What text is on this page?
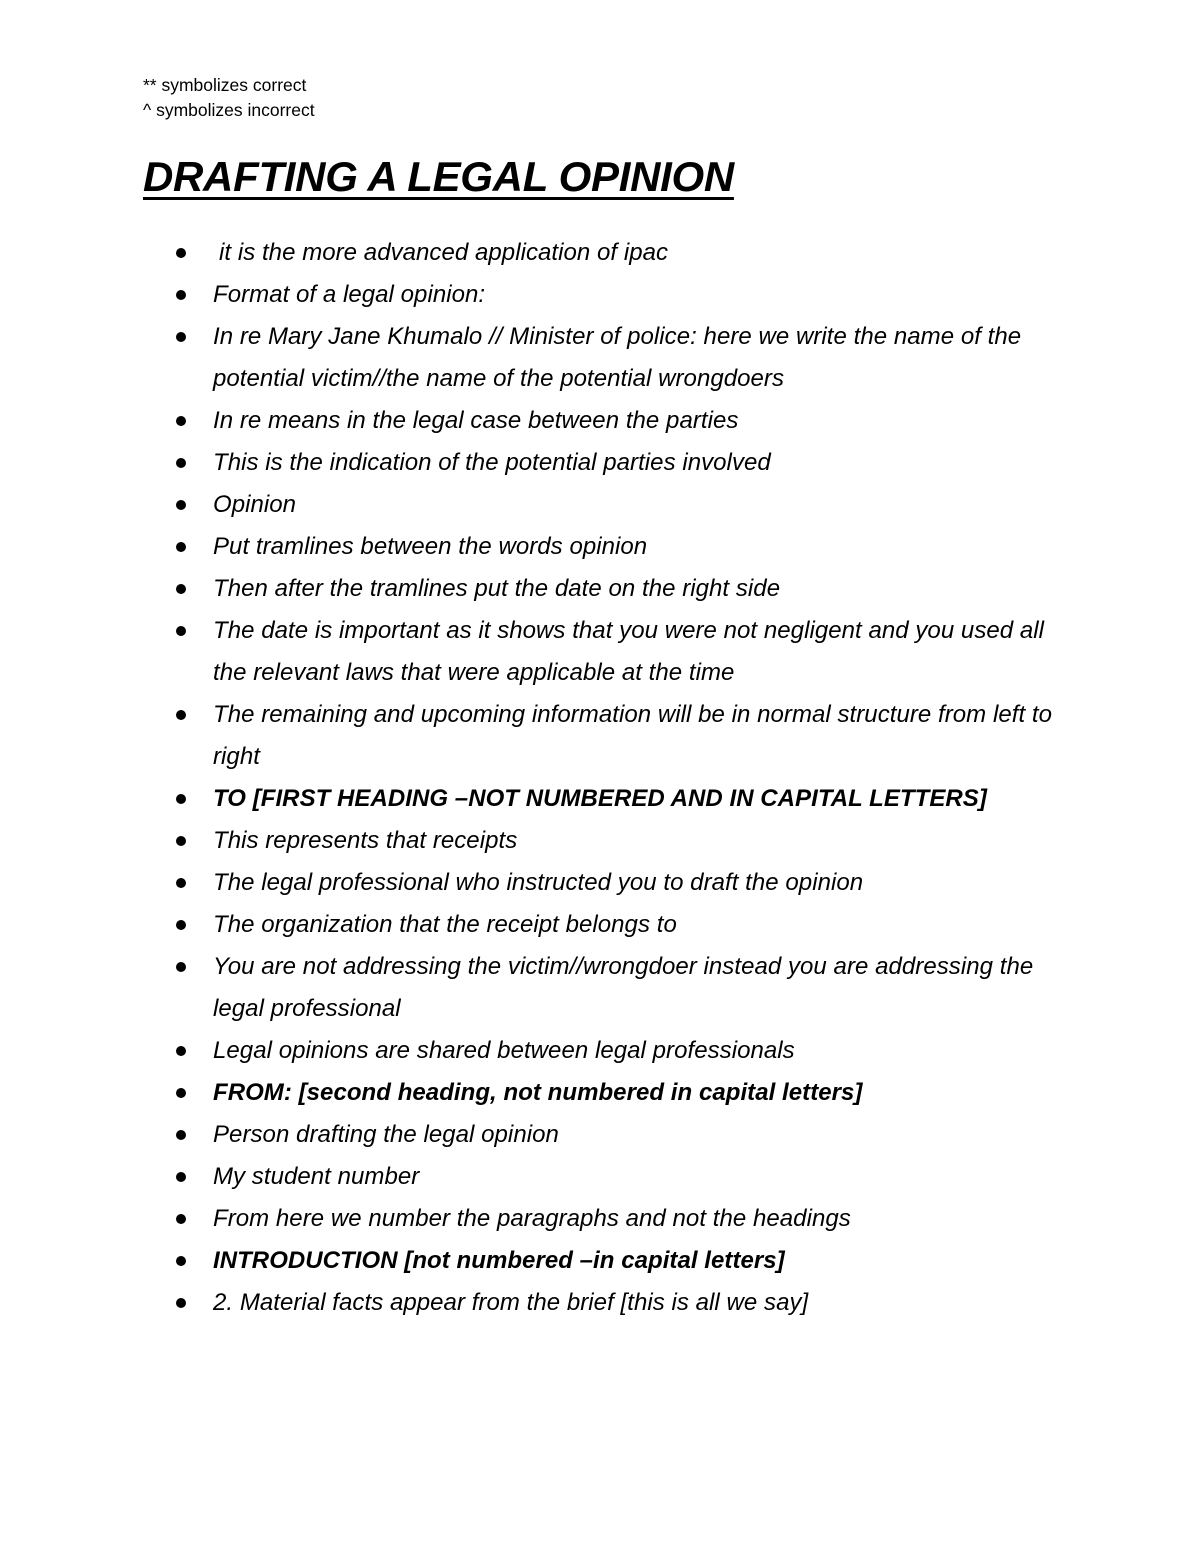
** symbolizes correct

^ symbolizes incorrect

DRAFTING A LEGAL OPINION
it is the more advanced application of ipac
Format of a legal opinion:
In re Mary Jane Khumalo // Minister of police: here we write the name of the potential victim//the name of the potential wrongdoers
In re means in the legal case between the parties
This is the indication of the potential parties involved
Opinion
Put tramlines between the words opinion
Then after the tramlines put the date on the right side
The date is important as it shows that you were not negligent and you used all the relevant laws that were applicable at the time
The remaining and upcoming information will be in normal structure from left to right
TO [FIRST HEADING –NOT NUMBERED AND IN CAPITAL LETTERS]
This represents that receipts
The legal professional who instructed you to draft the opinion
The organization that the receipt belongs to
You are not addressing the victim//wrongdoer instead you are addressing the legal professional
Legal opinions are shared between legal professionals
FROM: [second heading, not numbered in capital letters]
Person drafting the legal opinion
My student number
From here we number the paragraphs and not the headings
INTRODUCTION [not numbered –in capital letters]
2. Material facts appear from the brief [this is all we say]
